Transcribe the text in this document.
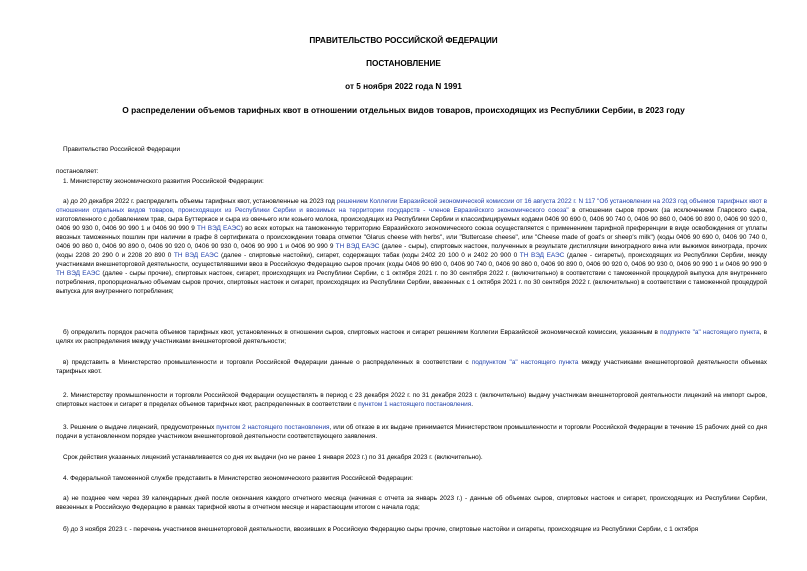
ПРАВИТЕЛЬСТВО РОССИЙСКОЙ ФЕДЕРАЦИИ
ПОСТАНОВЛЕНИЕ
от 5 ноября 2022 года N 1991
О распределении объемов тарифных квот в отношении отдельных видов товаров, происходящих из Республики Сербии, в 2023 году

Правительство Российской Федерации

постановляет:

1. Министерству экономического развития Российской Федерации:

а) до 20 декабря 2022 г. распределить объемы тарифных квот, установленные на 2023 год решением Коллегии Евразийской экономической комиссии от 16 августа 2022 г. N 117 "Об установлении на 2023 год объемов тарифных квот в отношении отдельных видов товаров, происходящих из Республики Сербии и ввозимых на территории государств - членов Евразийского экономического союза" в отношении сыров прочих (за исключением Гларского сыра, изготовленного с добавлением трав, сыра Буттеркасе и сыра из овечьего или козьего молока, происходящих из Республики Сербии и классифицируемых кодами 0406 90 690 0, 0406 90 740 0, 0406 90 860 0, 0406 90 890 0, 0406 90 920 0, 0406 90 930 0, 0406 90 990 1 и 0406 90 990 9 ТН ВЭД ЕАЭС) во всех которых на таможенную территорию Евразийского экономического союза осуществляется с применением тарифной преференции в виде освобождения от уплаты ввозных таможенных пошлин при наличии в графе 8 сертификата о происхождении товара отметки "Glarus cheese with herbs", или "Buttercase cheese", или "Cheese made of goat's or sheep's milk") (коды 0406 90 690 0, 0406 90 740 0, 0406 90 860 0, 0406 90 890 0, 0406 90 920 0, 0406 90 930 0, 0406 90 990 1 и 0406 90 990 9 ТН ВЭД ЕАЭС (далее - сыры), спиртовых настоек, полученных в результате дистилляции виноградного вина или выжимок винограда, прочих (коды 2208 20 290 0 и 2208 20 890 0 ТН ВЭД ЕАЭС (далее - спиртовые настойки), сигарет, содержащих табак (коды 2402 20 100 0 и 2402 20 900 0 ТН ВЭД ЕАЭС (далее - сигареты), происходящих из Республики Сербии, между участниками внешнеторговой деятельности, осуществлявшими ввоз в Российскую Федерацию сыров прочих (коды 0406 90 690 0, 0406 90 740 0, 0406 90 860 0, 0406 90 890 0, 0406 90 920 0, 0406 90 930 0, 0406 90 990 1 и 0406 90 990 9 ТН ВЭД ЕАЭС (далее - сыры прочие), спиртовых настоек, сигарет, происходящих из Республики Сербии, с 1 октября 2021 г. по 30 сентября 2022 г. (включительно) в соответствии с таможенной процедурой выпуска для внутреннего потребления, пропорционально объемам сыров прочих, спиртовых настоек и сигарет, происходящих из Республики Сербии, ввезенных с 1 октября 2021 г. по 30 сентября 2022 г. (включительно) в соответствии с таможенной процедурой выпуска для внутреннего потребления;

б) определить порядок расчета объемов тарифных квот, установленных в отношении сыров, спиртовых настоек и сигарет решением Коллегии Евразийской экономической комиссии, указанным в подпункте "а" настоящего пункта, в целях их распределения между участниками внешнеторговой деятельности;

в) представить в Министерство промышленности и торговли Российской Федерации данные о распределенных в соответствии с подпунктом "а" настоящего пункта между участниками внешнеторговой деятельности объемах тарифных квот.

2. Министерству промышленности и торговли Российской Федерации осуществлять в период с 23 декабря 2022 г. по 31 декабря 2023 г. (включительно) выдачу участникам внешнеторговой деятельности лицензий на импорт сыров, спиртовых настоек и сигарет в пределах объемов тарифных квот, распределенных в соответствии с пунктом 1 настоящего постановления.

3. Решение о выдаче лицензий, предусмотренных пунктом 2 настоящего постановления, или об отказе в их выдаче принимается Министерством промышленности и торговли Российской Федерации в течение 15 рабочих дней со дня подачи в установленном порядке участником внешнеторговой деятельности соответствующего заявления.

Срок действия указанных лицензий устанавливается со дня их выдачи (но не ранее 1 января 2023 г.) по 31 декабря 2023 г. (включительно).

4. Федеральной таможенной службе представить в Министерство экономического развития Российской Федерации:

а) не позднее чем через 39 календарных дней после окончания каждого отчетного месяца (начиная с отчета за январь 2023 г.) - данные об объемах сыров, спиртовых настоек и сигарет, происходящих из Республики Сербии, ввезенных в Российскую Федерацию в рамках тарифной квоты в отчетном месяце и нарастающим итогом с начала года;

б) до 3 ноября 2023 г. - перечень участников внешнеторговой деятельности, ввозивших в Российскую Федерацию сыры прочие, спиртовые настойки и сигареты, происходящие из Республики Сербии, с 1 октября
